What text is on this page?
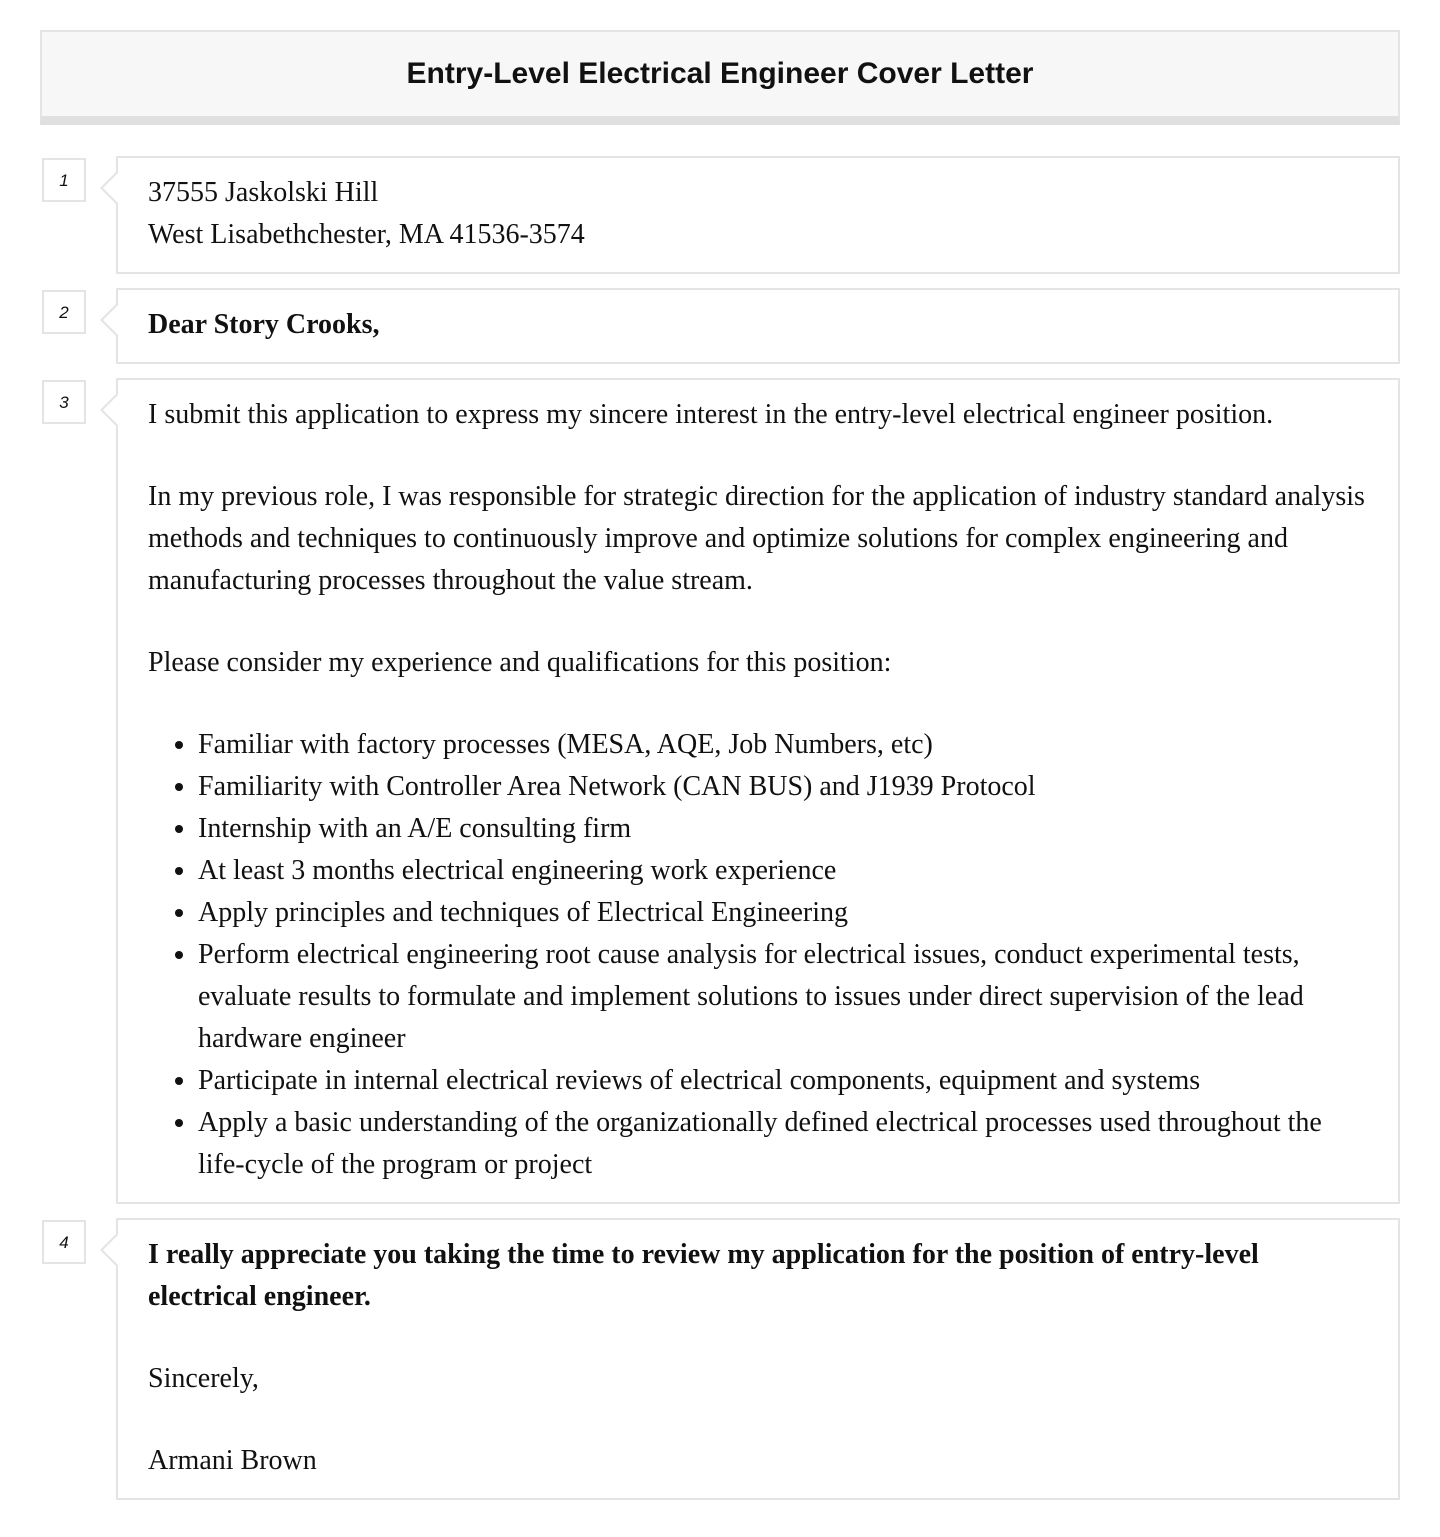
Entry-Level Electrical Engineer Cover Letter
1	37555 Jaskolski Hill

West Lisabethchester, MA 41536-3574

2	Dear Story Crooks,

3	I submit this application to express my sincere interest in the entry-level electrical engineer position.

In my previous role, I was responsible for strategic direction for the application of industry standard analysis methods and techniques to continuously improve and optimize solutions for complex engineering and manufacturing processes throughout the value stream.

Please consider my experience and qualifications for this position:

• Familiar with factory processes (MESA, AQE, Job Numbers, etc)
• Familiarity with Controller Area Network (CAN BUS) and J1939 Protocol
• Internship with an A/E consulting firm
• At least 3 months electrical engineering work experience
• Apply principles and techniques of Electrical Engineering
• Perform electrical engineering root cause analysis for electrical issues, conduct experimental tests, evaluate results to formulate and implement solutions to issues under direct supervision of the lead hardware engineer
• Participate in internal electrical reviews of electrical components, equipment and systems
• Apply a basic understanding of the organizationally defined electrical processes used throughout the life-cycle of the program or project
4	I really appreciate you taking the time to review my application for the position of entry-level electrical engineer.

Sincerely,

Armani Brown
